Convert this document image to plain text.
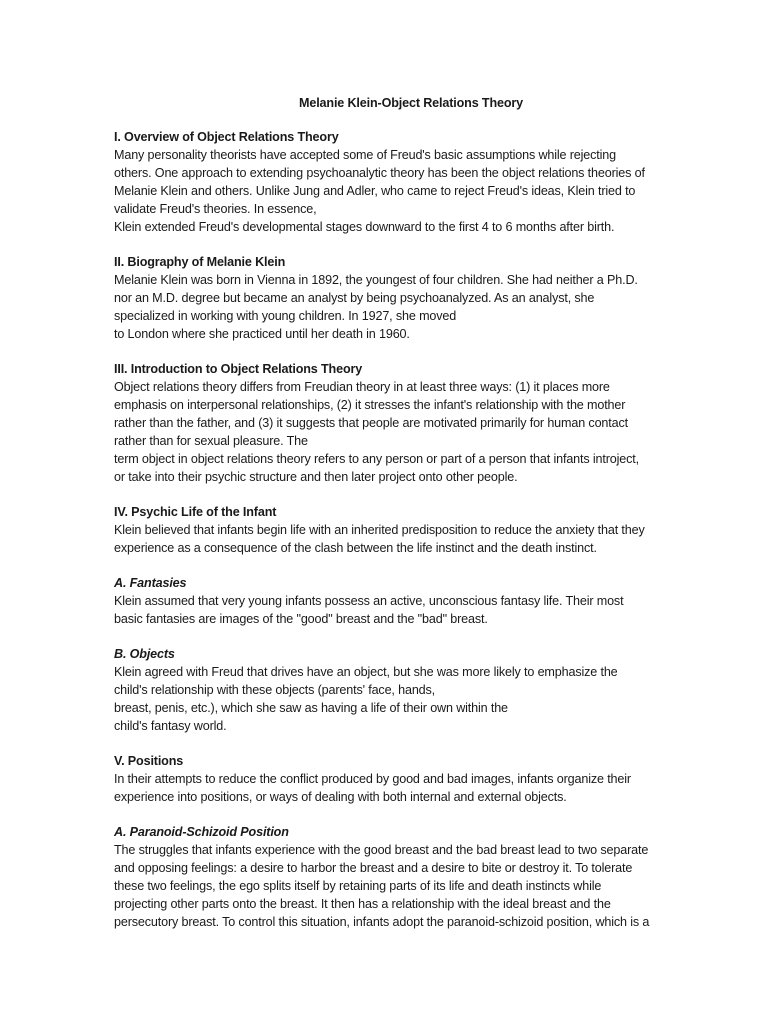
Melanie Klein-Object Relations Theory
I. Overview of Object Relations Theory
Many personality theorists have accepted some of Freud's basic assumptions while rejecting
others. One approach to extending psychoanalytic theory has been the object relations theories of
Melanie Klein and others. Unlike Jung and Adler, who came to reject Freud's ideas, Klein tried to
validate Freud's theories. In essence,
Klein extended Freud's developmental stages downward to the first 4 to 6 months after birth.
II. Biography of Melanie Klein
Melanie Klein was born in Vienna in 1892, the youngest of four children. She had neither a Ph.D.
nor an M.D. degree but became an analyst by being psychoanalyzed. As an analyst, she
specialized in working with young children. In 1927, she moved
to London where she practiced until her death in 1960.
III. Introduction to Object Relations Theory
Object relations theory differs from Freudian theory in at least three ways: (1) it places more
emphasis on interpersonal relationships, (2) it stresses the infant's relationship with the mother
rather than the father, and (3) it suggests that people are motivated primarily for human contact
rather than for sexual pleasure. The
term object in object relations theory refers to any person or part of a person that infants introject,
or take into their psychic structure and then later project onto other people.
IV. Psychic Life of the Infant
Klein believed that infants begin life with an inherited predisposition to reduce the anxiety that they
experience as a consequence of the clash between the life instinct and the death instinct.
A. Fantasies
Klein assumed that very young infants possess an active, unconscious fantasy life. Their most
basic fantasies are images of the "good" breast and the "bad" breast.
B. Objects
Klein agreed with Freud that drives have an object, but she was more likely to emphasize the
child's relationship with these objects (parents' face, hands,
breast, penis, etc.), which she saw as having a life of their own within the
child's fantasy world.
V. Positions
In their attempts to reduce the conflict produced by good and bad images, infants organize their
experience into positions, or ways of dealing with both internal and external objects.
A. Paranoid-Schizoid Position
The struggles that infants experience with the good breast and the bad breast lead to two separate
and opposing feelings: a desire to harbor the breast and a desire to bite or destroy it. To tolerate
these two feelings, the ego splits itself by retaining parts of its life and death instincts while
projecting other parts onto the breast. It then has a relationship with the ideal breast and the
persecutory breast. To control this situation, infants adopt the paranoid-schizoid position, which is a
